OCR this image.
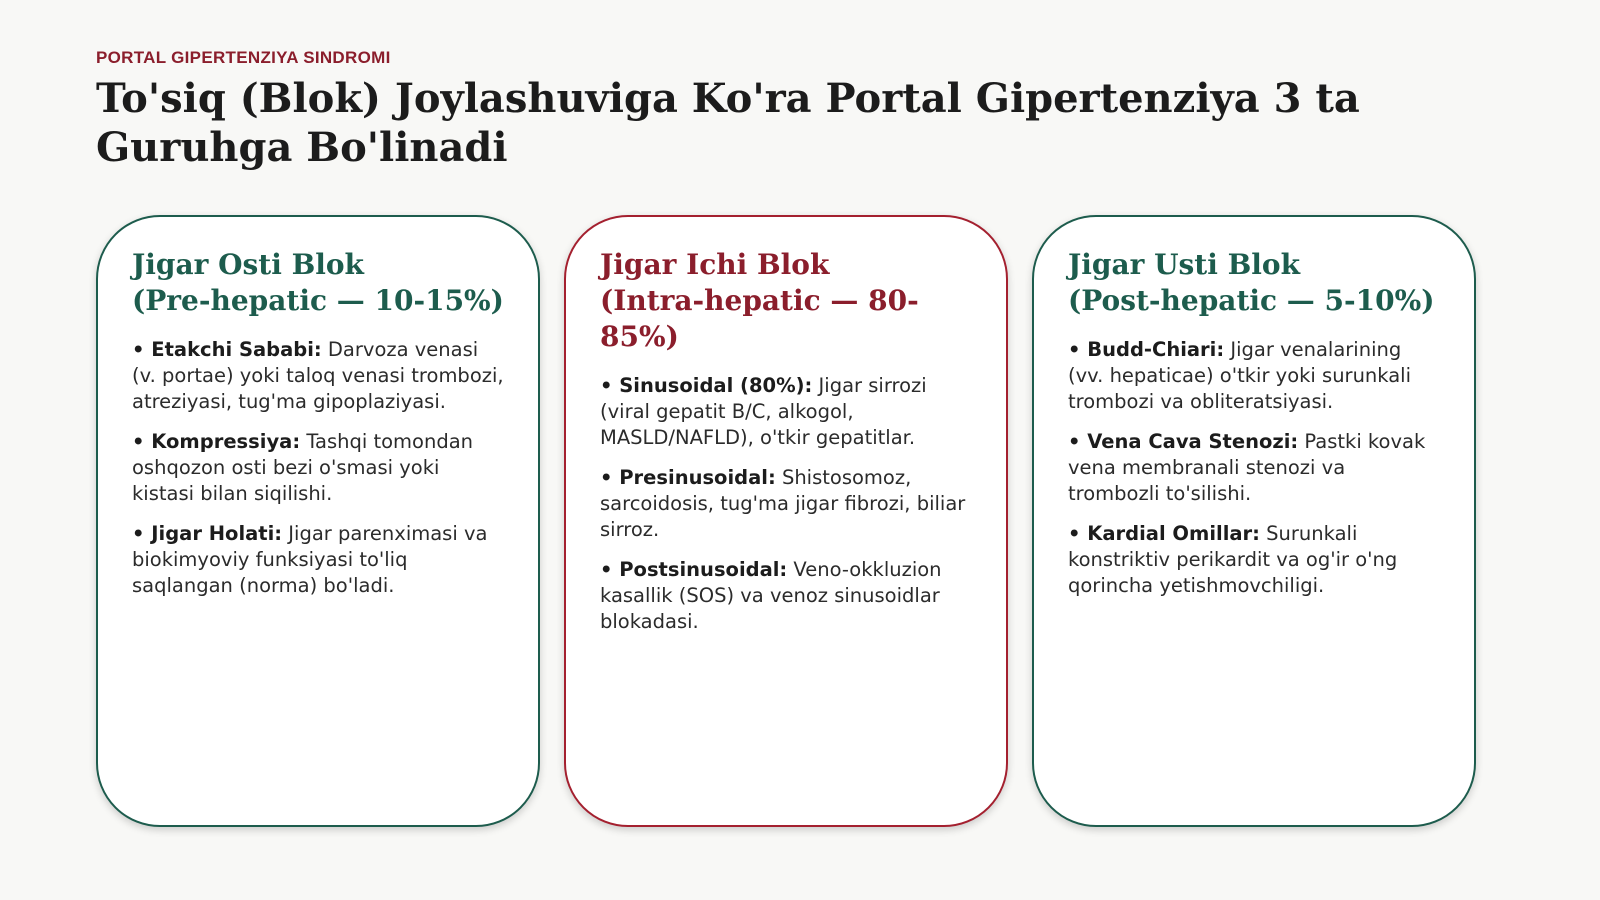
PORTAL GIPERTENZIYA SINDROMI
To'siq (Blok) Joylashuviga Ko'ra Portal Gipertenziya 3 ta Guruhga Bo'linadi
Jigar Osti Blok
(Pre-hepatic — 10-15%)
• Etakchi Sababi: Darvoza venasi (v. portae) yoki taloq venasi trombozi, atreziyasi, tug'ma gipoplaziyasi.
• Kompressiya: Tashqi tomondan oshqozon osti bezi o'smasi yoki kistasi bilan siqilishi.
• Jigar Holati: Jigar parenximasi va biokimyoviy funksiyasi to'liq saqlangan (norma) bo'ladi.
Jigar Ichi Blok
(Intra-hepatic — 80-85%)
• Sinusoidal (80%): Jigar sirrozi (viral gepatit B/C, alkogol, MASLD/NAFLD), o'tkir gepatitlar.
• Presinusoidal: Shistosomoz, sarcoidosis, tug'ma jigar fibrozi, biliar sirroz.
• Postsinusoidal: Veno-okkluzion kasallik (SOS) va venoz sinusoidlar blokadasi.
Jigar Usti Blok
(Post-hepatic — 5-10%)
• Budd-Chiari: Jigar venalarining (vv. hepaticae) o'tkir yoki surunkali trombozi va obliteratsiyasi.
• Vena Cava Stenozi: Pastki kovak vena membranali stenozi va trombozli to'silishi.
• Kardial Omillar: Surunkali konstriktiv perikardit va og'ir o'ng qorincha yetishmovchiligi.
